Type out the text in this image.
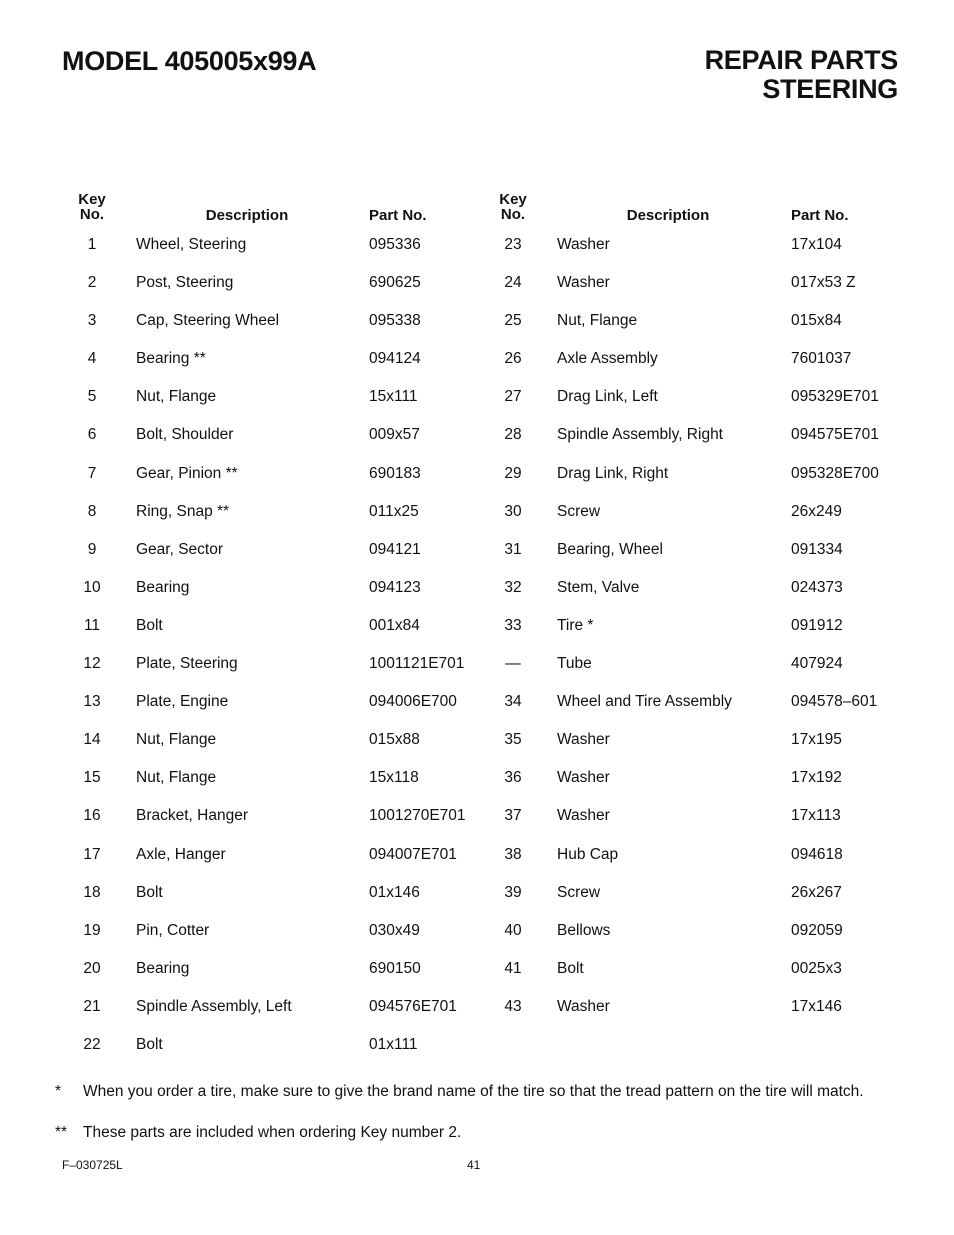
MODEL 405005x99A	REPAIR PARTS
STEERING
Key
No.	Description	Part No.
1	Wheel, Steering	095336
2	Post, Steering	690625
3	Cap, Steering Wheel	095338
4	Bearing **	094124
5	Nut, Flange	15x111
6	Bolt, Shoulder	009x57
7	Gear, Pinion **	690183
8	Ring, Snap **	011x25
9	Gear, Sector	094121
10	Bearing	094123
11	Bolt	001x84
12	Plate, Steering	1001121E701
13	Plate, Engine	094006E700
14	Nut, Flange	015x88
15	Nut, Flange	15x118
16	Bracket, Hanger	1001270E701
17	Axle, Hanger	094007E701
18	Bolt	01x146
19	Pin, Cotter	030x49
20	Bearing	690150
21	Spindle Assembly, Left	094576E701
22	Bolt	01x111
Key
No.	Description	Part No.
23	Washer	17x104
24	Washer	017x53 Z
25	Nut, Flange	015x84
26	Axle Assembly	7601037
27	Drag Link, Left	095329E701
28	Spindle Assembly, Right	094575E701
29	Drag Link, Right	095328E700
30	Screw	26x249
31	Bearing, Wheel	091334
32	Stem, Valve	024373
33	Tire *	091912
—	Tube	407924
34	Wheel and Tire Assembly	094578–601
35	Washer	17x195
36	Washer	17x192
37	Washer	17x113
38	Hub Cap	094618
39	Screw	26x267
40	Bellows	092059
41	Bolt	0025x3
43	Washer	17x146
*	When you order a tire, make sure to give the brand name of the tire so that the tread pattern on the tire will match.
**	These parts are included when ordering Key number 2.
F–030725L	41
